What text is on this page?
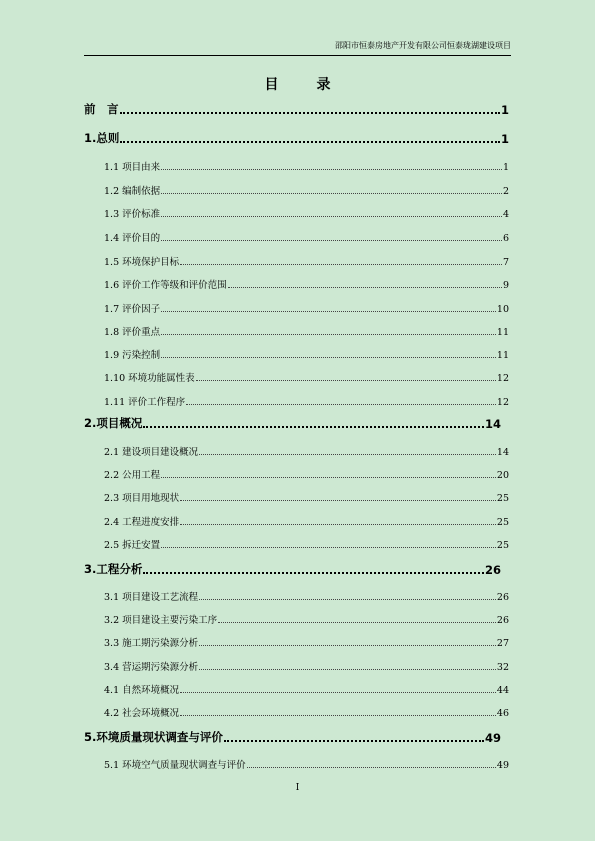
邵阳市恒泰房地产开发有限公司恒泰珑湖建设项目
目　录
前　言	1
1.总则	1
1.1 项目由来	1
1.2 编制依据	2
1.3 评价标准	4
1.4 评价目的	6
1.5 环境保护目标	7
1.6 评价工作等级和评价范围	9
1.7 评价因子	10
1.8 评价重点	11
1.9 污染控制	11
1.10 环境功能属性表	12
1.11 评价工作程序	12
2.项目概况	14
2.1 建设项目建设概况	14
2.2 公用工程	20
2.3 项目用地现状	25
2.4 工程进度安排	25
2.5 拆迁安置	25
3.工程分析	26
3.1 项目建设工艺流程	26
3.2 项目建设主要污染工序	26
3.3 施工期污染源分析	27
3.4 营运期污染源分析	32
4.1 自然环境概况	44
4.2 社会环境概况	46
5.环境质量现状调查与评价	49
5.1 环境空气质量现状调查与评价	49
I
